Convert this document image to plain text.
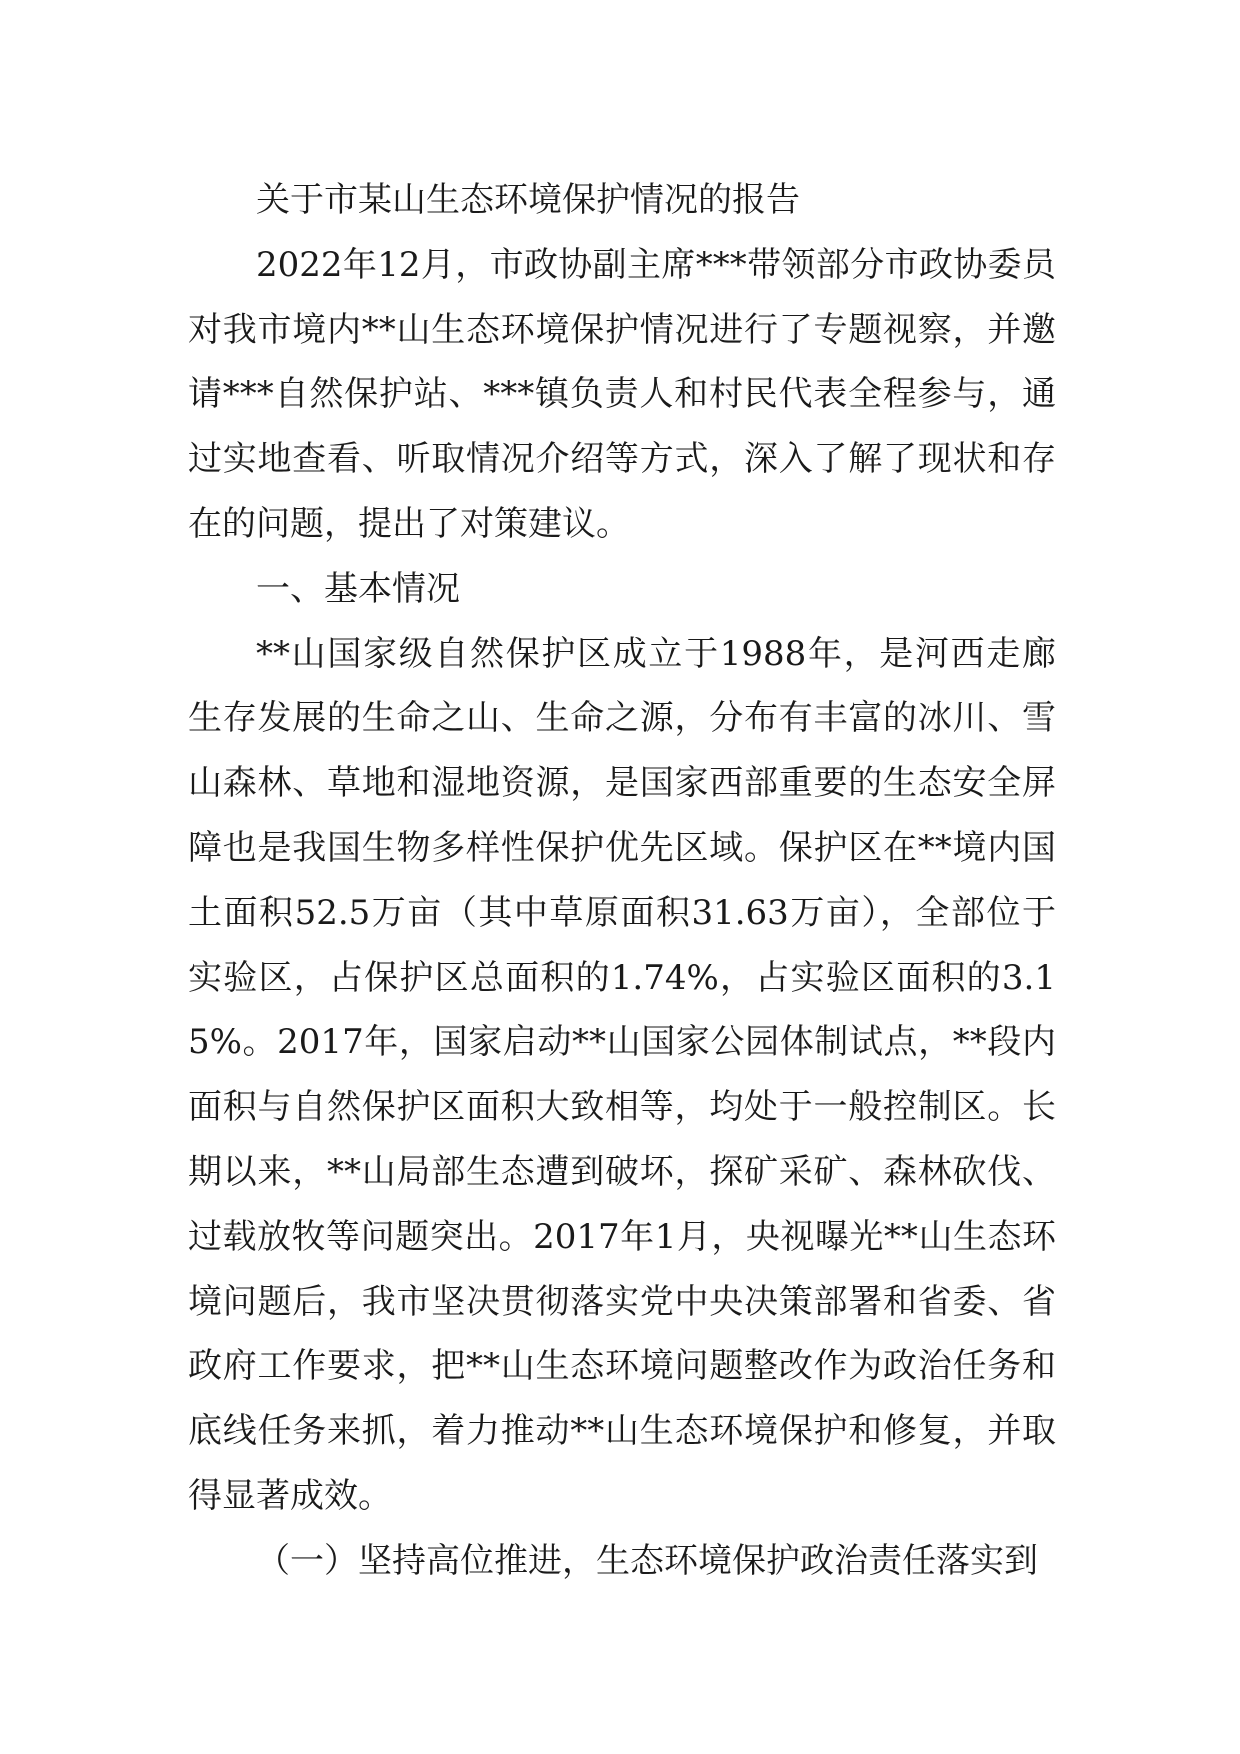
关于市某山生态环境保护情况的报告

2022年12月，市政协副主席***带领部分市政协委员对我市境内**山生态环境保护情况进行了专题视察，并邀请***自然保护站、***镇负责人和村民代表全程参与，通过实地查看、听取情况介绍等方式，深入了解了现状和存在的问题，提出了对策建议。

一、基本情况

**山国家级自然保护区成立于1988年，是河西走廊生存发展的生命之山、生命之源，分布有丰富的冰川、雪山森林、草地和湿地资源，是国家西部重要的生态安全屏障也是我国生物多样性保护优先区域。保护区在**境内国土面积52.5万亩（其中草原面积31.63万亩），全部位于实验区，占保护区总面积的1.74%，占实验区面积的3.15%。2017年，国家启动**山国家公园体制试点，**段内面积与自然保护区面积大致相等，均处于一般控制区。长期以来，**山局部生态遭到破坏，探矿采矿、森林砍伐、过载放牧等问题突出。2017年1月，央视曝光**山生态环境问题后，我市坚决贯彻落实党中央决策部署和省委、省政府工作要求，把**山生态环境问题整改作为政治任务和底线任务来抓，着力推动**山生态环境保护和修复，并取得显著成效。

（一）坚持高位推进，生态环境保护政治责任落实到
